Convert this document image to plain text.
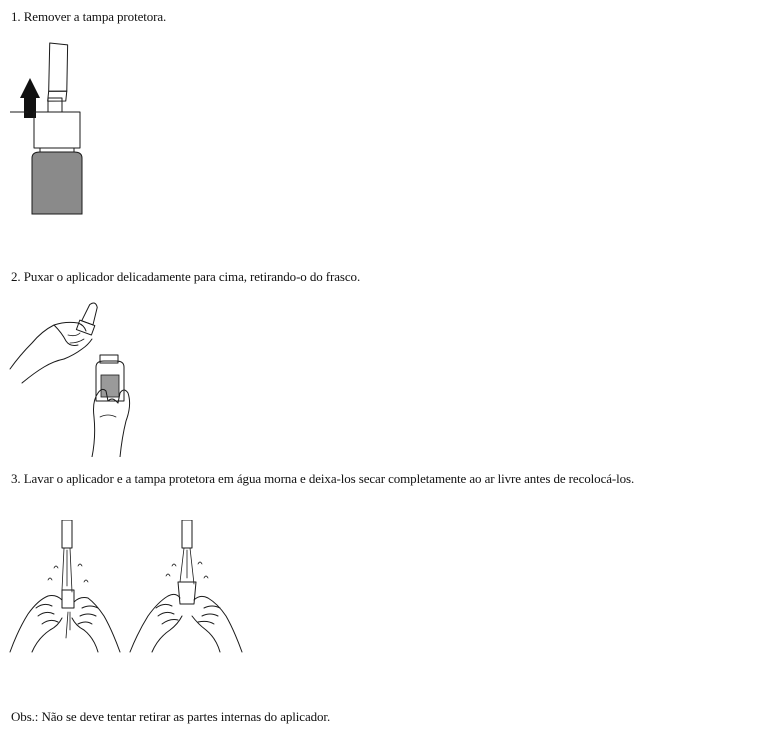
1. Remover a tampa protetora.
2. Puxar o aplicador delicadamente para cima, retirando-o do frasco.
3. Lavar o aplicador e a tampa protetora em água morna e deixa-los secar completamente ao ar livre antes de recolocá-los.
Obs.: Não se deve tentar retirar as partes internas do aplicador.
